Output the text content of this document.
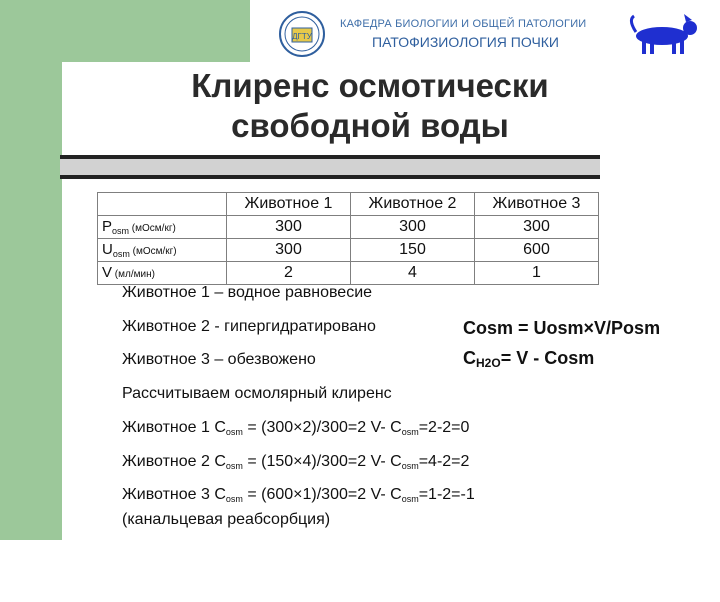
ДГТУ
КАФЕДРА БИОЛОГИИ И ОБЩЕЙ ПАТОЛОГИИ
ПАТОФИЗИОЛОГИЯ ПОЧКИ
Клиренс осмотически
свободной воды
	Животное 1	Животное 2	Животное 3
$P_{osm}$ (мОсм/кг)	300	300	300
$U_{osm}$ (мОсм/кг)	300	150	600
V (мл/мин)	2	4	1
Животное 1 – водное равновесие
Животное 2 - гипергидратировано
Животное 3 – обезвожено
Cosm = Uosm×V/Posm
$C_{H2O}= V$ - Cosm
Рассчитываем осмолярный клиренс
Животное 1 $C_{osm} = (300\times 2)/300=2$ V- $C_{osm}=2-2=0$
Животное 2 $C_{osm} = (150\times 4)/300=2$ V- $C_{osm}=4-2=2$
Животное 3 $C_{osm} = (600\times 1)/300=2$ V- $C_{osm}=1-2=-1$
(канальцевая реабсорбция)
